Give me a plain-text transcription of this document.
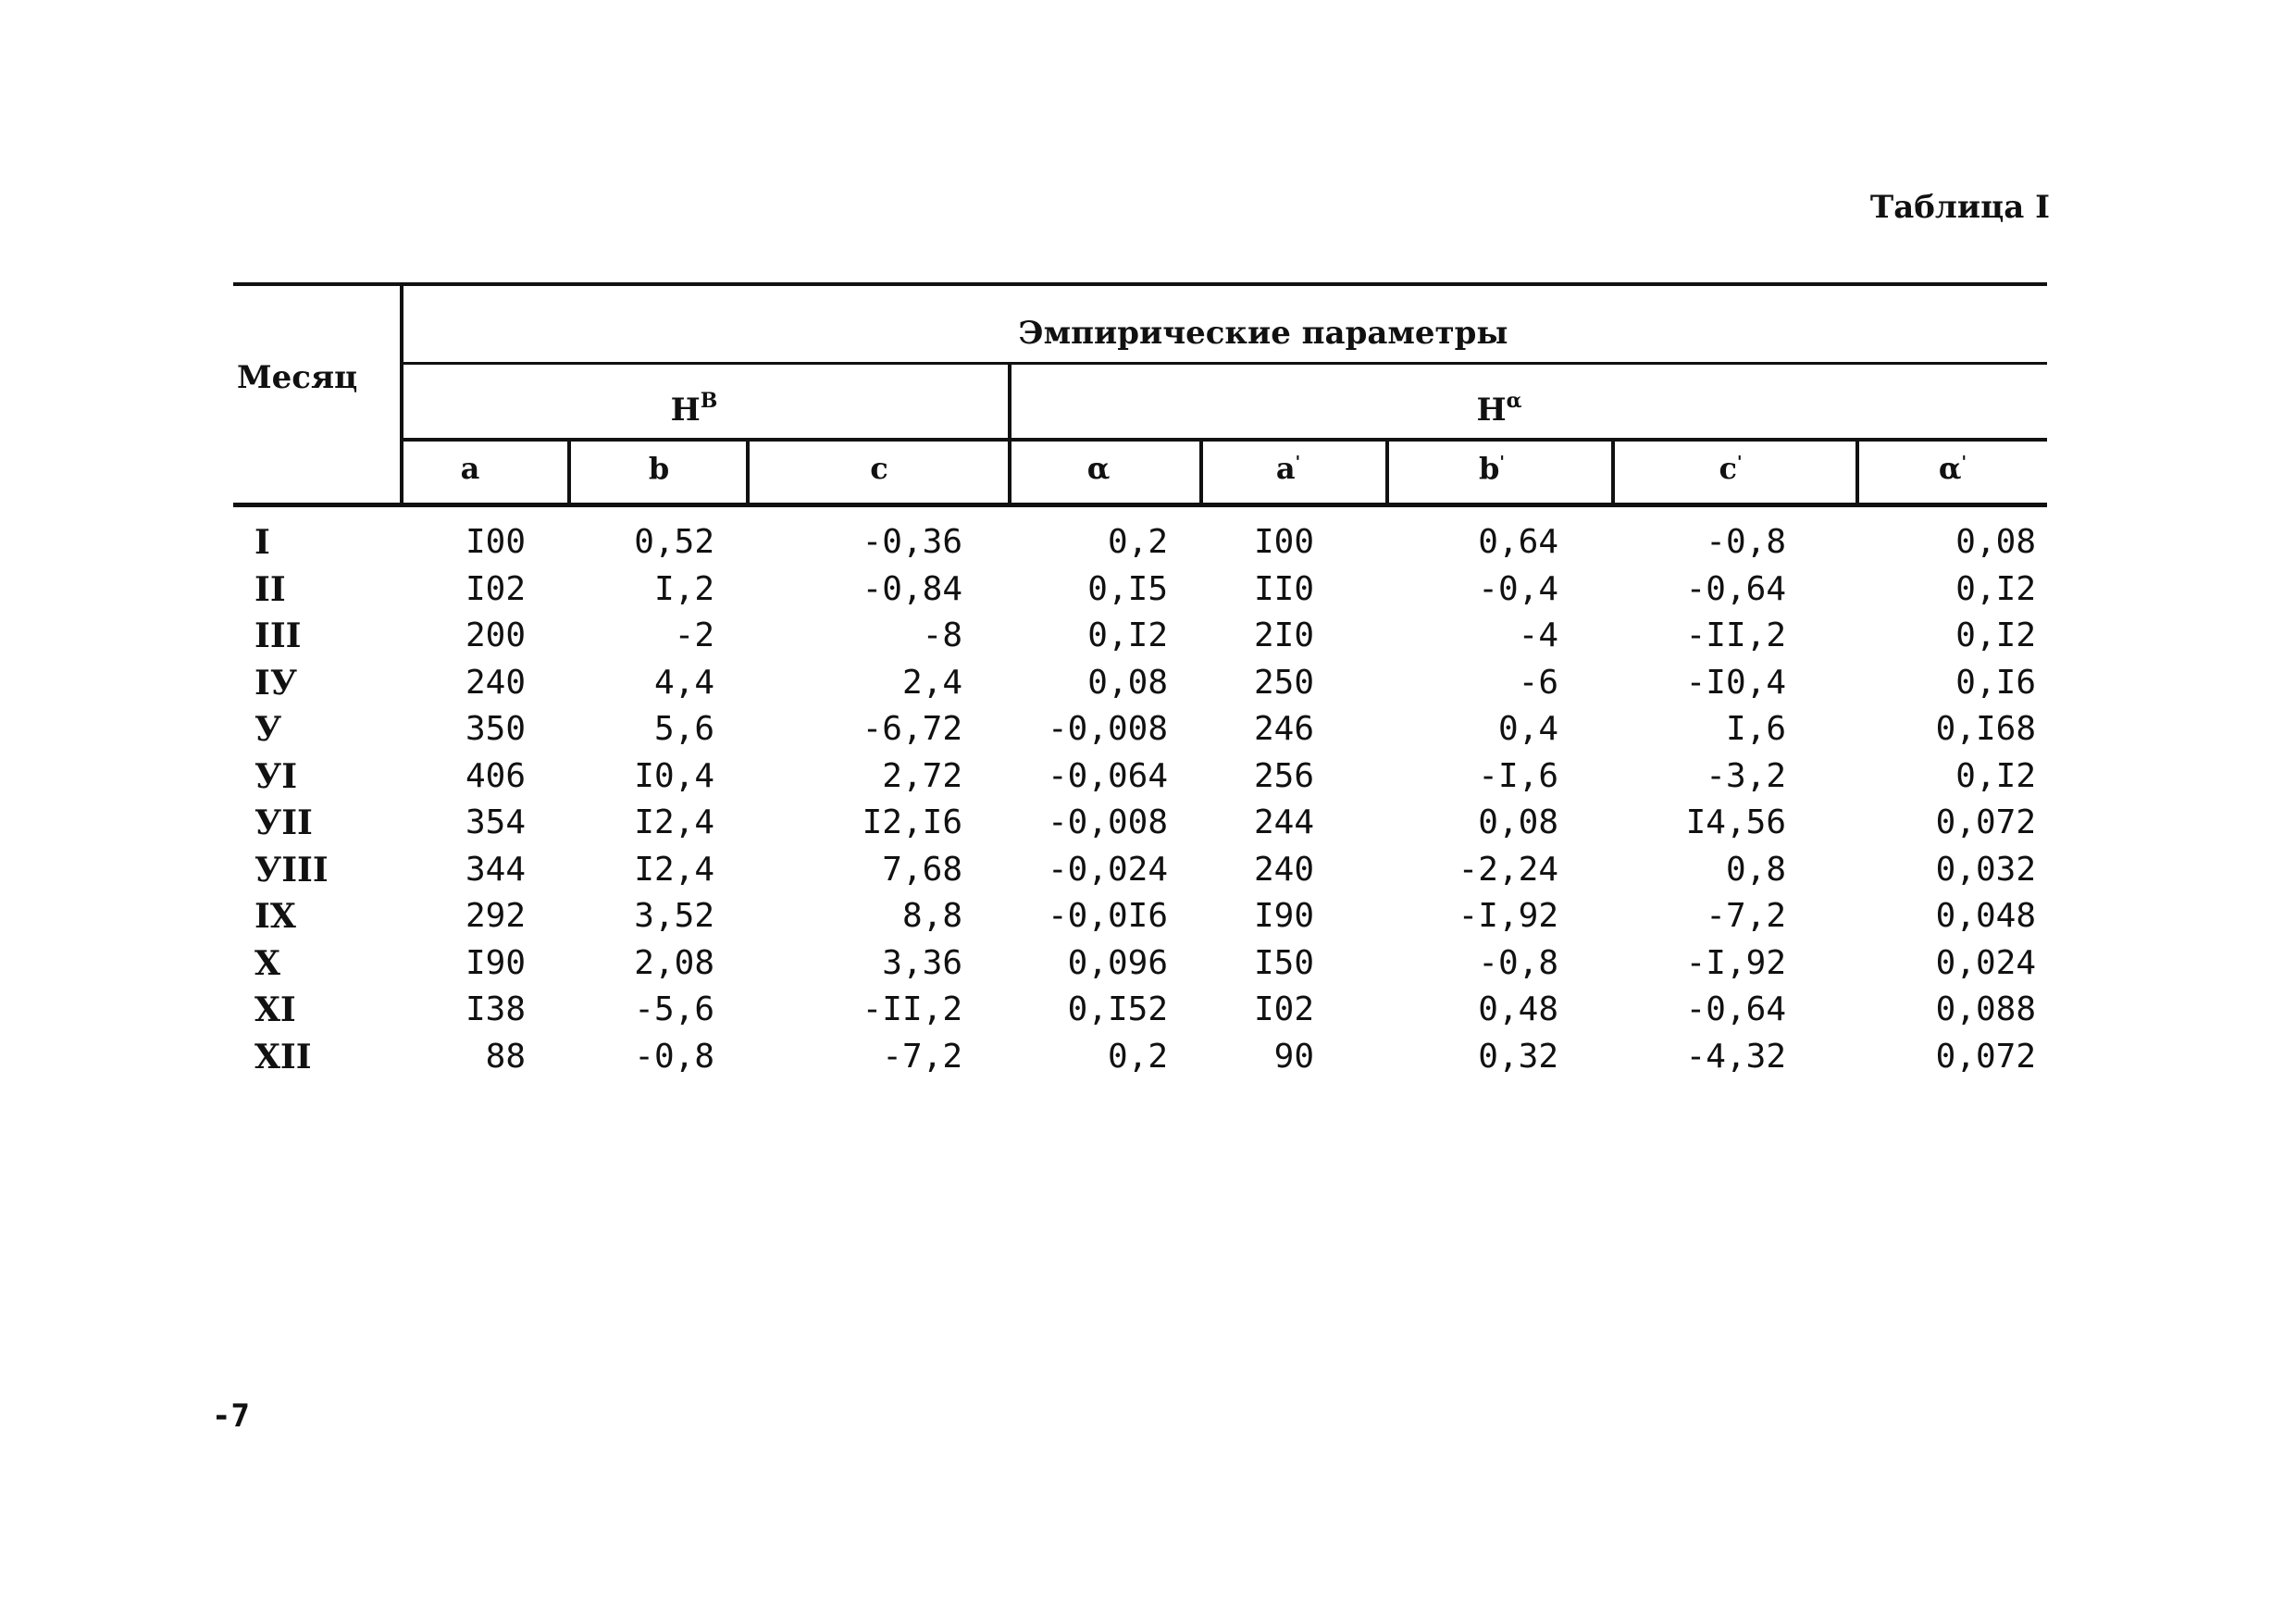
Таблица I
Месяц
Эмпирические параметры
$H^B$	$H^\alpha$
a	b	c	α	a'	b'	c'	α'
I	I00	0,52	-0,36	0,2	I00	0,64	-0,8	0,08
II	I02	I,2	-0,84	0,I5	II0	-0,4	-0,64	0,I2
III	200	-2	-8	0,I2	2I0	-4	-II,2	0,I2
IУ	240	4,4	2,4	0,08	250	-6	-I0,4	0,I6
У	350	5,6	-6,72	-0,008	246	0,4	I,6	0,I68
УI	406	I0,4	2,72	-0,064	256	-I,6	-3,2	0,I2
УII	354	I2,4	I2,I6	-0,008	244	0,08	I4,56	0,072
УIII	344	I2,4	7,68	-0,024	240	-2,24	0,8	0,032
IX	292	3,52	8,8	-0,0I6	I90	-I,92	-7,2	0,048
X	I90	2,08	3,36	0,096	I50	-0,8	-I,92	0,024
XI	I38	-5,6	-II,2	0,I52	I02	0,48	-0,64	0,088
XII	88	-0,8	-7,2	0,2	90	0,32	-4,32	0,072
-7
